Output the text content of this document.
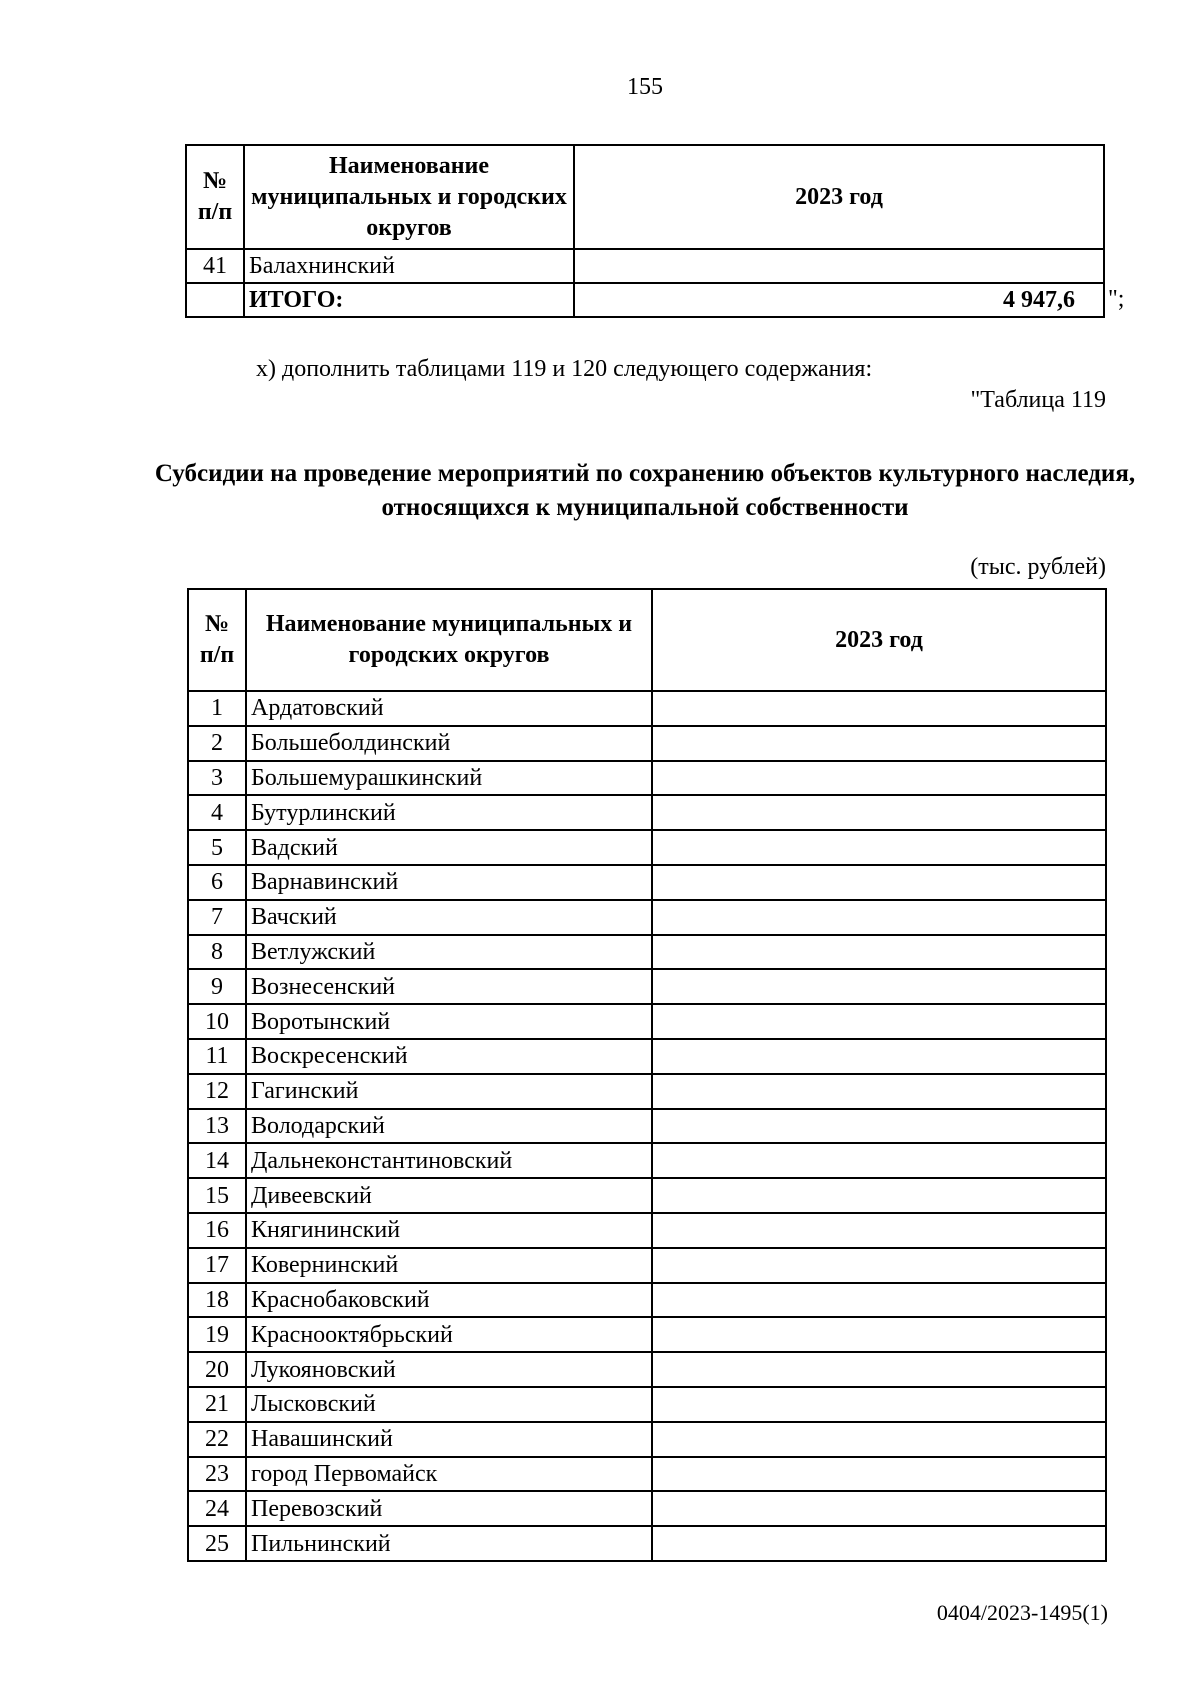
155
№ п/п	Наименование муниципальных и городских округов	2023 год
41	Балахнинский	
	ИТОГО:	4 947,6 ";
х) дополнить таблицами 119 и 120 следующего содержания:
"Таблица 119
Субсидии на проведение мероприятий по сохранению объектов культурного наследия, относящихся к муниципальной собственности
(тыс. рублей)
№ п/п	Наименование муниципальных и городских округов	2023 год
1	Ардатовский	
2	Большеболдинский	
3	Большемурашкинский	
4	Бутурлинский	
5	Вадский	
6	Варнавинский	
7	Вачский	
8	Ветлужский	
9	Вознесенский	
10	Воротынский	
11	Воскресенский	
12	Гагинский	
13	Володарский	
14	Дальнеконстантиновский	
15	Дивеевский	
16	Княгининский	
17	Ковернинский	
18	Краснобаковский	
19	Краснооктябрьский	
20	Лукояновский	
21	Лысковский	
22	Навашинский	
23	город Первомайск	
24	Перевозский	
25	Пильнинский	
0404/2023-1495(1)
